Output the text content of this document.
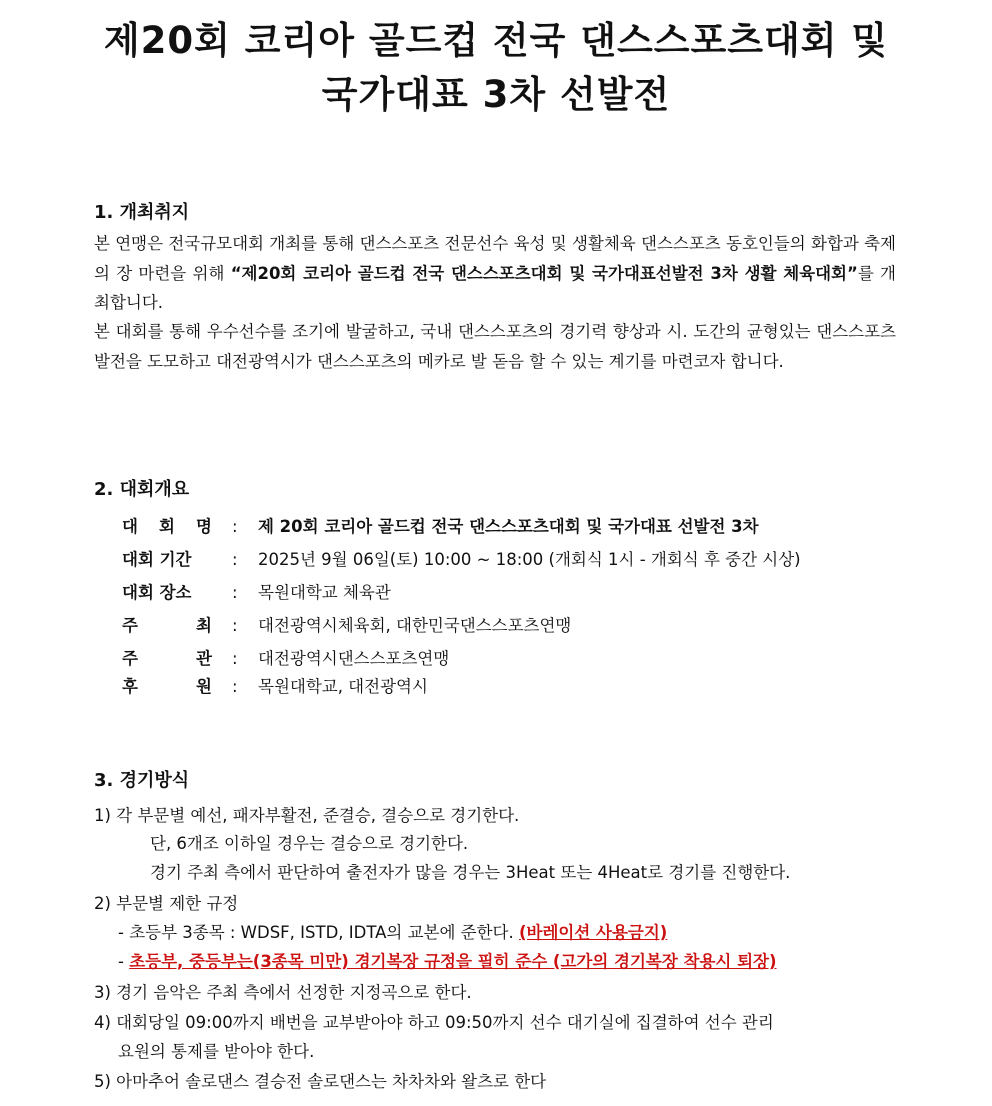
제20회 코리아 골드컵 전국 댄스스포츠대회 및
국가대표 3차 선발전
1. 개최취지
본 연맹은 전국규모대회 개최를 통해 댄스스포츠 전문선수 육성 및 생활체육 댄스스포츠 동호인들의 화합과 축제의 장 마련을 위해 “제20회 코리아 골드컵 전국 댄스스포츠대회 및 국가대표선발전 3차 생활 체육대회”를 개최합니다.
본 대회를 통해 우수선수를 조기에 발굴하고, 국내 댄스스포츠의 경기력 향상과 시. 도간의 균형있는 댄스스포츠 발전을 도모하고 대전광역시가 댄스스포츠의 메카로 발 돋음 할 수 있는 계기를 마련코자 합니다.
2. 대회개요
대 회 명 : 제 20회 코리아 골드컵 전국 댄스스포츠대회 및 국가대표 선발전 3차
대회 기간 : 2025년 9월 06일(토) 10:00 ~ 18:00 (개회식 1시 - 개회식 후 중간 시상)
대회 장소 : 목원대학교 체육관
주	최 : 대전광역시체육회, 대한민국댄스스포츠연맹
주	관 : 대전광역시댄스스포츠연맹
후	원 : 목원대학교, 대전광역시
3. 경기방식
1) 각 부문별 예선, 패자부활전, 준결승, 결승으로 경기한다.
단, 6개조 이하일 경우는 결승으로 경기한다.
경기 주최 측에서 판단하여 출전자가 많을 경우는 3Heat 또는 4Heat로 경기를 진행한다.
2) 부문별 제한 규정
- 초등부 3종목 : WDSF, ISTD, IDTA의 교본에 준한다. (바레이션 사용금지)
- 초등부, 중등부는(3종목 미만) 경기복장 규정을 필히 준수 (고가의 경기복장 착용시 퇴장)
3) 경기 음악은 주최 측에서 선정한 지정곡으로 한다.
4) 대회당일 09:00까지 배번을 교부받아야 하고 09:50까지 선수 대기실에 집결하여 선수 관리
요원의 통제를 받아야 한다.
5) 아마추어 솔로댄스 결승전 솔로댄스는 차차차와 왈츠로 한다
